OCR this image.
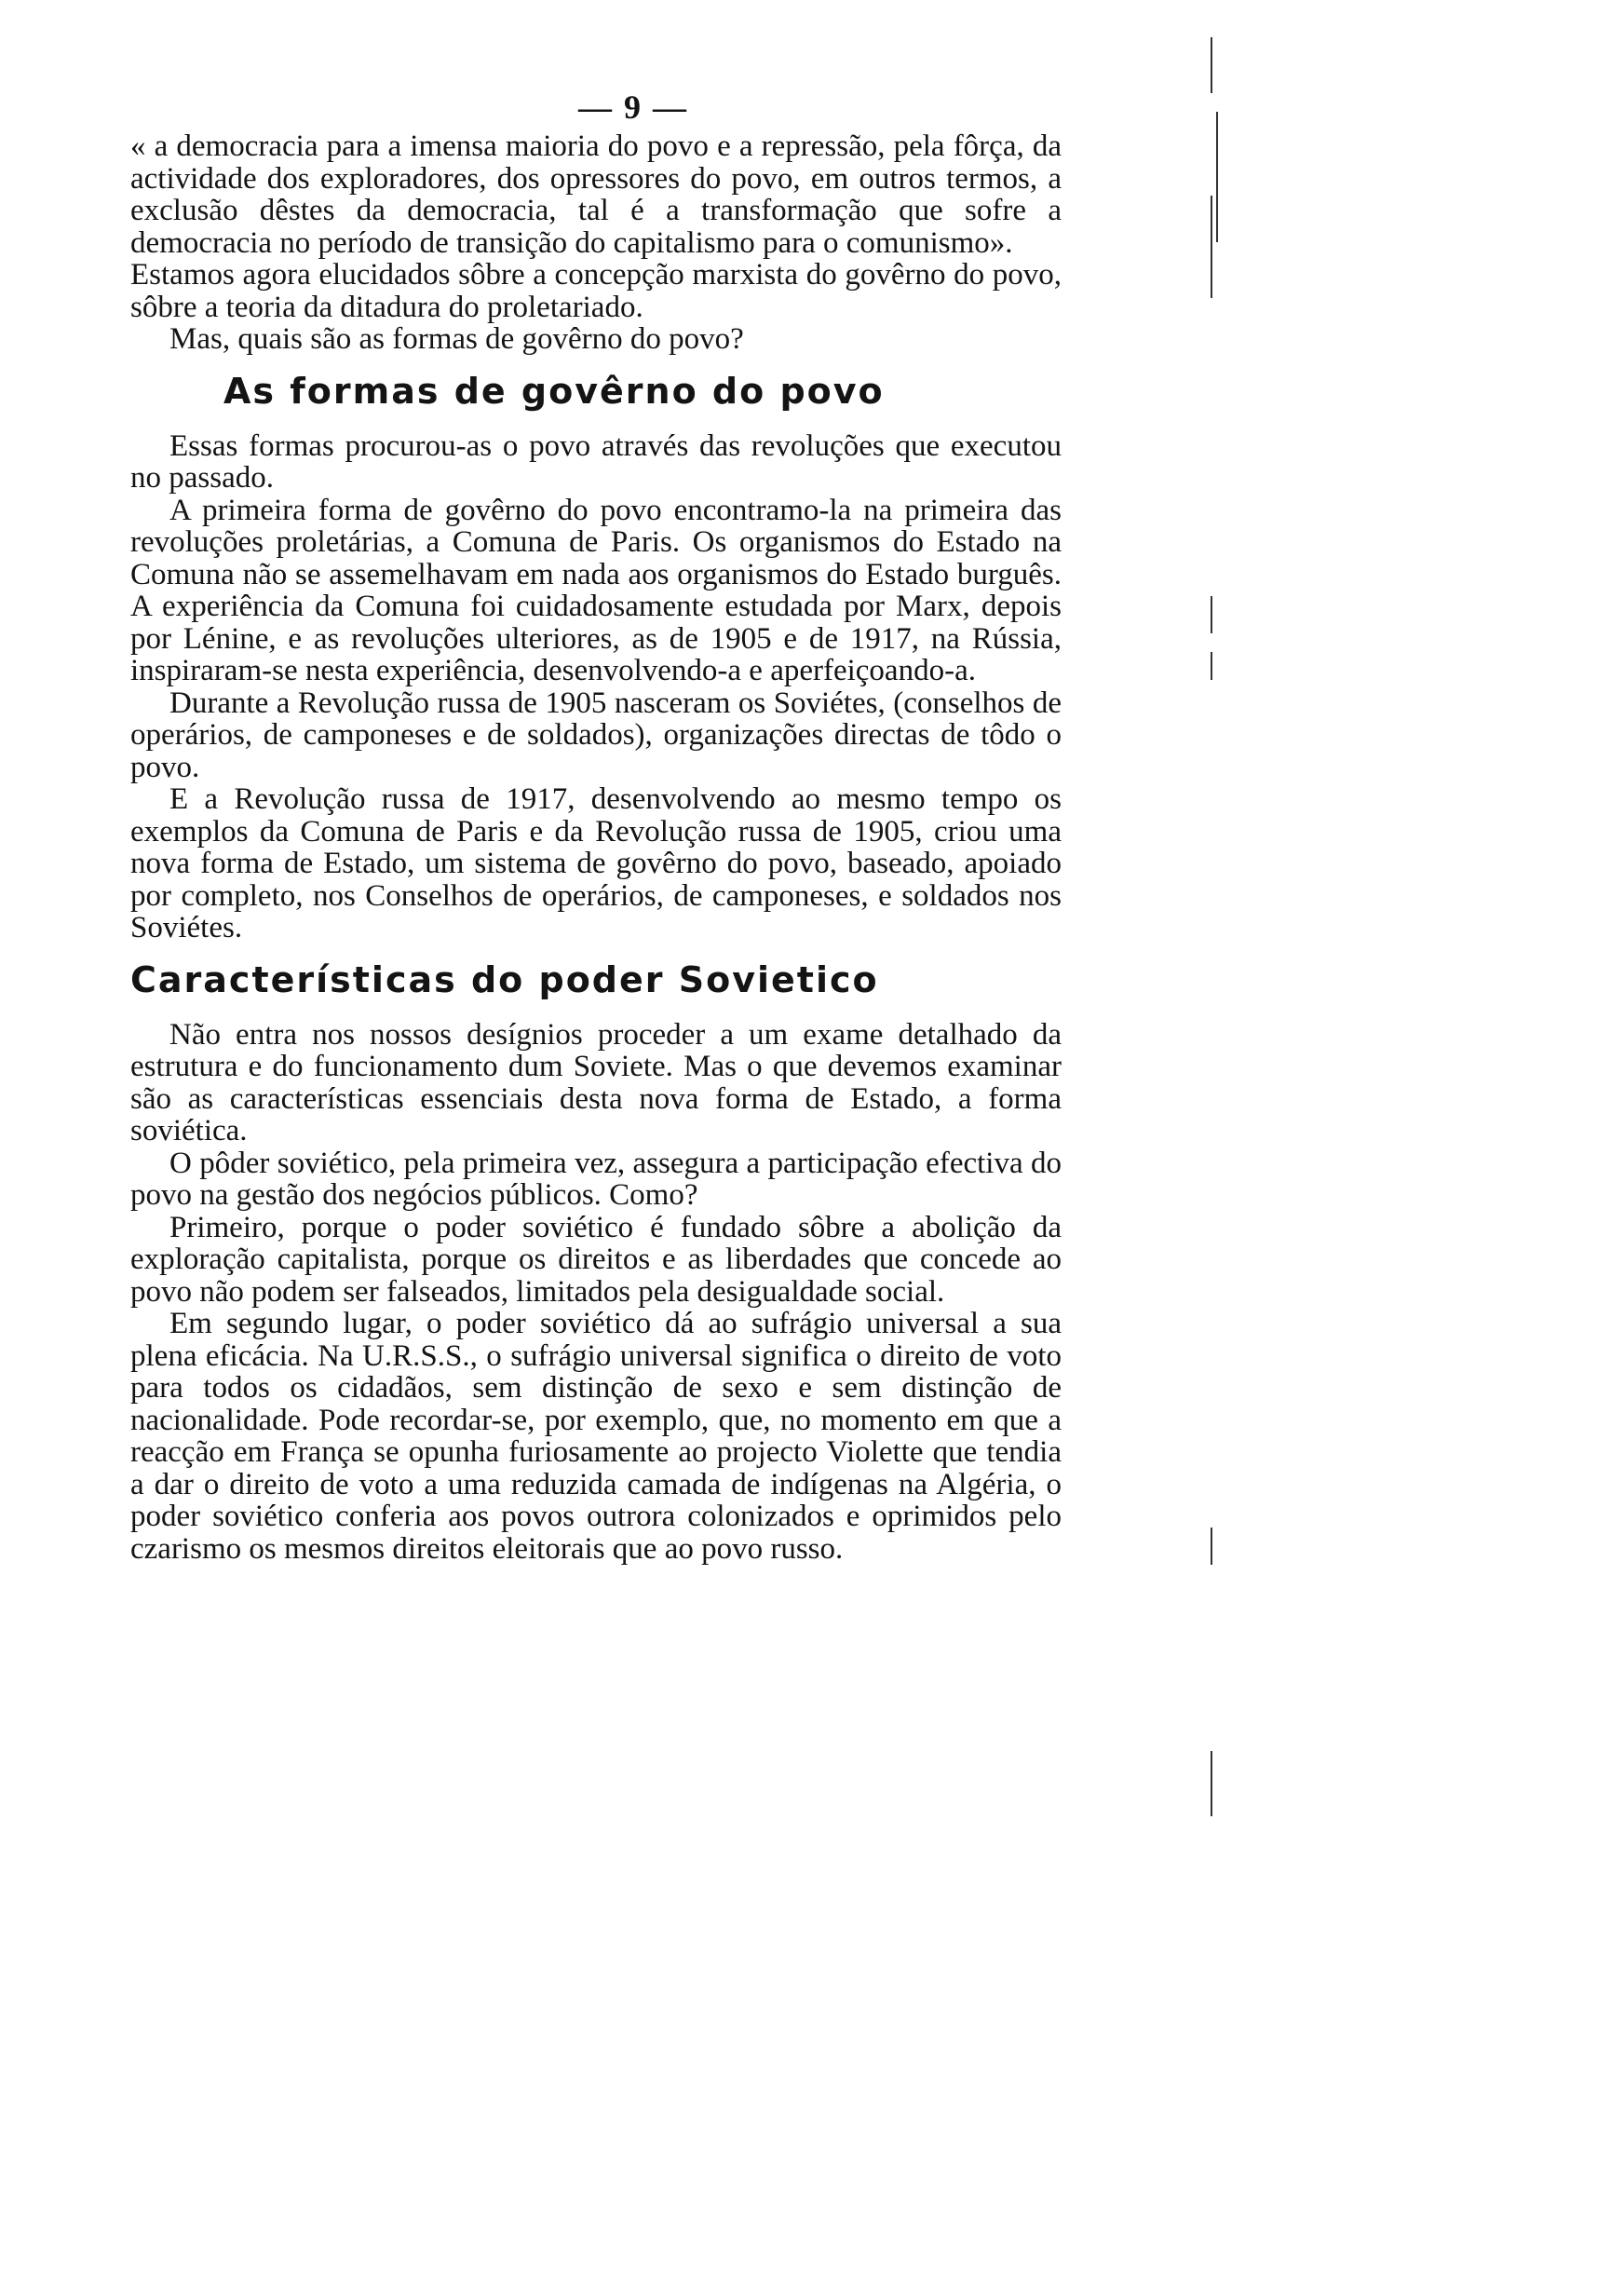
— 9 —

« a democracia para a imensa maioria do povo e a repressão, pela fôrça, da actividade dos exploradores, dos opressores do povo, em outros termos, a exclusão dêstes da democracia, tal é a transformação que sofre a democracia no período de transição do capitalismo para o comunismo».

Estamos agora elucidados sôbre a concepção marxista do govêrno do povo, sôbre a teoria da ditadura do proletariado.

Mas, quais são as formas de govêrno do povo?

As formas de govêrno do povo

Essas formas procurou-as o povo através das revoluções que executou no passado.

A primeira forma de govêrno do povo encontramo-la na primeira das revoluções proletárias, a Comuna de Paris. Os organismos do Estado na Comuna não se assemelhavam em nada aos organismos do Estado burguês. A experiência da Comuna foi cuidadosamente estudada por Marx, depois por Lénine, e as revoluções ulteriores, as de 1905 e de 1917, na Rússia, inspiraram-se nesta experiência, desenvolvendo-a e aperfeiçoando-a.

Durante a Revolução russa de 1905 nasceram os Soviétes, (conselhos de operários, de camponeses e de soldados), organizações directas de tôdo o povo.

E a Revolução russa de 1917, desenvolvendo ao mesmo tempo os exemplos da Comuna de Paris e da Revolução russa de 1905, criou uma nova forma de Estado, um sistema de govêrno do povo, baseado, apoiado por completo, nos Conselhos de operários, de camponeses, e soldados nos Soviétes.

Características do poder Sovietico

Não entra nos nossos desígnios proceder a um exame detalhado da estrutura e do funcionamento dum Soviete. Mas o que devemos examinar são as características essenciais desta nova forma de Estado, a forma soviética.

O pôder soviético, pela primeira vez, assegura a participação efectiva do povo na gestão dos negócios públicos. Como?

Primeiro, porque o poder soviético é fundado sôbre a abolição da exploração capitalista, porque os direitos e as liberdades que concede ao povo não podem ser falseados, limitados pela desigualdade social.

Em segundo lugar, o poder soviético dá ao sufrágio universal a sua plena eficácia. Na U.R.S.S., o sufrágio universal significa o direito de voto para todos os cidadãos, sem distinção de sexo e sem distinção de nacionalidade. Pode recordar-se, por exemplo, que, no momento em que a reacção em França se opunha furiosamente ao projecto Violette que tendia a dar o direito de voto a uma reduzida camada de indígenas na Algéria, o poder soviético conferia aos povos outrora colonizados e oprimidos pelo czarismo os mesmos direitos eleitorais que ao povo russo.
